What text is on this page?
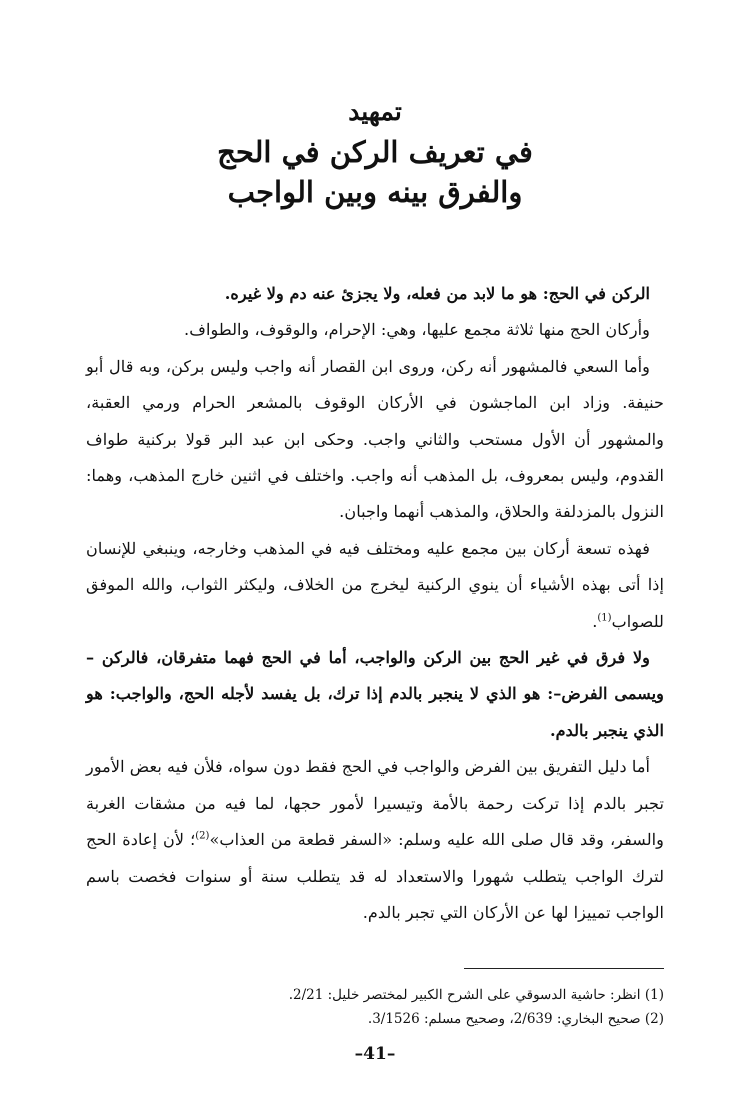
تمهيد
في تعريف الركن في الحج
والفرق بينه وبين الواجب

الركن في الحج: هو ما لابد من فعله، ولا يجزئ عنه دم ولا غيره.

وأركان الحج منها ثلاثة مجمع عليها، وهي: الإحرام، والوقوف، والطواف.

وأما السعي فالمشهور أنه ركن، وروى ابن القصار أنه واجب وليس بركن، وبه قال أبو حنيفة. وزاد ابن الماجشون في الأركان الوقوف بالمشعر الحرام ورمي العقبة، والمشهور أن الأول مستحب والثاني واجب. وحكى ابن عبد البر قولا بركنية طواف القدوم، وليس بمعروف، بل المذهب أنه واجب. واختلف في اثنين خارج المذهب، وهما: النزول بالمزدلفة والحلاق، والمذهب أنهما واجبان.

فهذه تسعة أركان بين مجمع عليه ومختلف فيه في المذهب وخارجه، وينبغي للإنسان إذا أتى بهذه الأشياء أن ينوي الركنية ليخرج من الخلاف، وليكثر الثواب، والله الموفق للصواب$^{(1)}$.

ولا فرق في غير الحج بين الركن والواجب، أما في الحج فهما متفرقان، فالركن – ويسمى الفرض–: هو الذي لا ينجبر بالدم إذا ترك، بل يفسد لأجله الحج، والواجب: هو الذي ينجبر بالدم.

أما دليل التفريق بين الفرض والواجب في الحج فقط دون سواه، فلأن فيه بعض الأمور تجبر بالدم إذا تركت رحمة بالأمة وتيسيرا لأمور حجها، لما فيه من مشقات الغربة والسفر، وقد قال صلى الله عليه وسلم: «السفر قطعة من العذاب»$^{(2)}$؛ لأن إعادة الحج لترك الواجب يتطلب شهورا والاستعداد له قد يتطلب سنة أو سنوات فخصت باسم الواجب تمييزا لها عن الأركان التي تجبر بالدم.

(1) انظر: حاشية الدسوقي على الشرح الكبير لمختصر خليل: 2/21.

(2) صحيح البخاري: 2/639، وصحيح مسلم: 3/1526.

–41–
